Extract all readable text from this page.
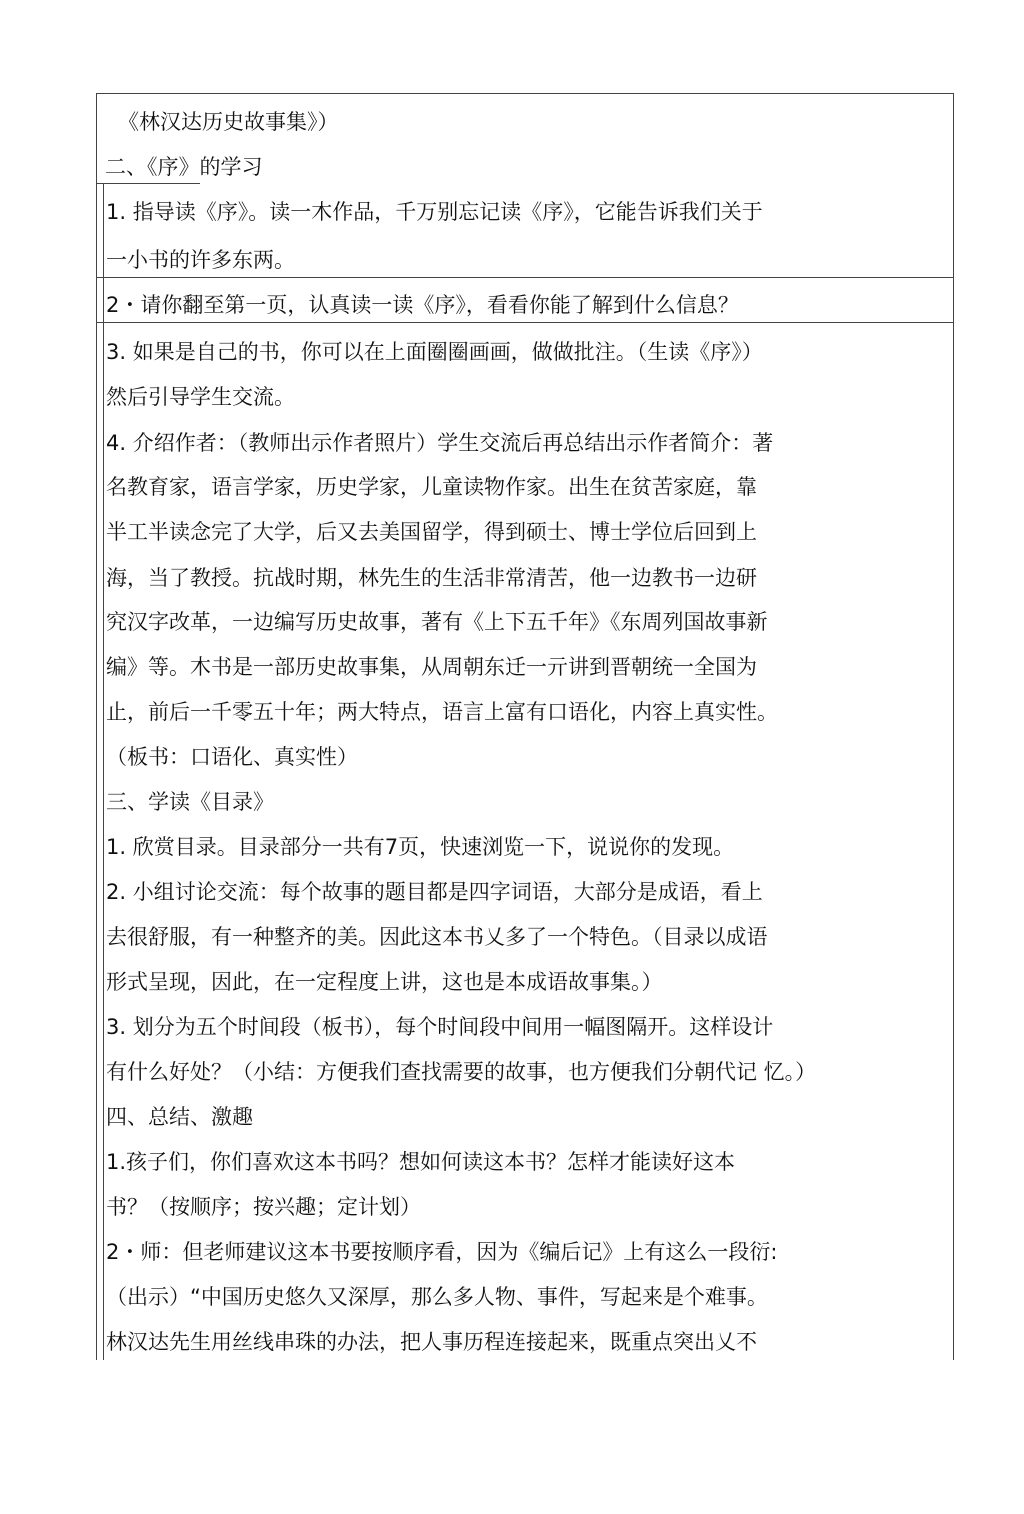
《林汉达历史故事集》）
二、《序》的学习
1. 指导读《序》。读一木作品，千万别忘记读《序》，它能告诉我们关于
一小书的许多东两。
2・请你翻至第一页，认真读一读《序》，看看你能了解到什么信息？
3. 如果是自己的书，你可以在上面圈圈画画，做做批注。（生读《序》）
然后引导学生交流。
4. 介绍作者：（教师出示作者照片）学生交流后再总结出示作者简介：著
名教育家，语言学家，历史学家，儿童读物作家。出生在贫苦家庭，靠
半工半读念完了大学，后又去美国留学，得到硕士、博士学位后回到上
海，当了教授。抗战时期，林先生的生活非常清苦，他一边教书一边研
究汉字改革，一边编写历史故事，著有《上下五千年》《东周列国故事新
编》等。木书是一部历史故事集，从周朝东迁一亓讲到晋朝统一全国为
止，前后一千零五十年；两大特点，语言上富有口语化，内容上真实性。
（板书：口语化、真实性）
三、学读《目录》
1. 欣赏目录。目录部分一共有7页，快速浏览一下，说说你的发现。
2. 小组讨论交流：每个故事的题目都是四字词语，大部分是成语，看上
去很舒服，有一种整齐的美。因此这本书乂多了一个特色。（目录以成语
形式呈现，因此，在一定程度上讲，这也是本成语故事集。）
3. 划分为五个时间段（板书），每个时间段中间用一幅图隔开。这样设计
有什么好处？（小结：方便我们查找需要的故事，也方便我们分朝代记 忆。）
四、总结、激趣
1.孩子们，你们喜欢这本书吗？想如何读这本书？怎样才能读好这本
书？（按顺序；按兴趣；定计划）
2・师：但老师建议这本书要按顺序看，因为《编后记》上有这么一段衍:
（出示）“中国历史悠久又深厚，那么多人物、事件，写起来是个难事。
林汉达先生用丝线串珠的办法，把人事历程连接起来，既重点突出乂不
